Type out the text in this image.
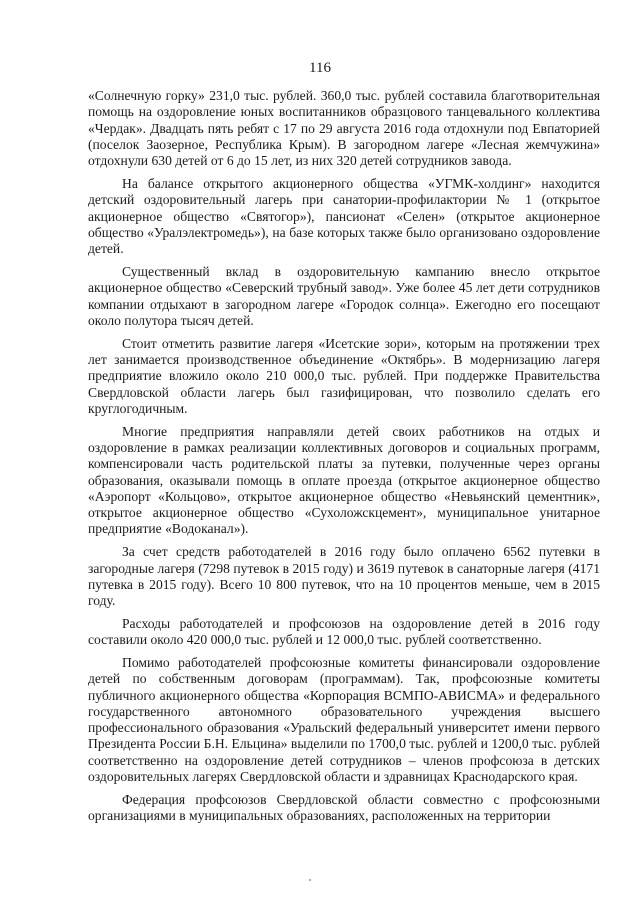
116

«Солнечную горку» 231,0 тыс. рублей. 360,0 тыс. рублей составила благотворительная помощь на оздоровление юных воспитанников образцового танцевального коллектива «Чердак». Двадцать пять ребят с 17 по 29 августа 2016 года отдохнули под Евпаторией (поселок Заозерное, Республика Крым). В загородном лагере «Лесная жемчужина» отдохнули 630 детей от 6 до 15 лет, из них 320 детей сотрудников завода.

На балансе открытого акционерного общества «УГМК-холдинг» находится детский оздоровительный лагерь при санатории-профилактории № 1 (открытое акционерное общество «Святогор»), пансионат «Селен» (открытое акционерное общество «Уралэлектромедь»), на базе которых также было организовано оздоровление детей.

Существенный вклад в оздоровительную кампанию внесло открытое акционерное общество «Северский трубный завод». Уже более 45 лет дети сотрудников компании отдыхают в загородном лагере «Городок солнца». Ежегодно его посещают около полутора тысяч детей.

Стоит отметить развитие лагеря «Исетские зори», которым на протяжении трех лет занимается производственное объединение «Октябрь». В модернизацию лагеря предприятие вложило около 210 000,0 тыс. рублей. При поддержке Правительства Свердловской области лагерь был газифицирован, что позволило сделать его круглогодичным.

Многие предприятия направляли детей своих работников на отдых и оздоровление в рамках реализации коллективных договоров и социальных программ, компенсировали часть родительской платы за путевки, полученные через органы образования, оказывали помощь в оплате проезда (открытое акционерное общество «Аэропорт «Кольцово», открытое акционерное общество «Невьянский цементник», открытое акционерное общество «Сухоложскцемент», муниципальное унитарное предприятие «Водоканал»).

За счет средств работодателей в 2016 году было оплачено 6562 путевки в загородные лагеря (7298 путевок в 2015 году) и 3619 путевок в санаторные лагеря (4171 путевка в 2015 году). Всего 10 800 путевок, что на 10 процентов меньше, чем в 2015 году.

Расходы работодателей и профсоюзов на оздоровление детей в 2016 году составили около 420 000,0 тыс. рублей и 12 000,0 тыс. рублей соответственно.

Помимо работодателей профсоюзные комитеты финансировали оздоровление детей по собственным договорам (программам). Так, профсоюзные комитеты публичного акционерного общества «Корпорация ВСМПО-АВИСМА» и федерального государственного автономного образовательного учреждения высшего профессионального образования «Уральский федеральный университет имени первого Президента России Б.Н. Ельцина» выделили по 1700,0 тыс. рублей и 1200,0 тыс. рублей соответственно на оздоровление детей сотрудников – членов профсоюза в детских оздоровительных лагерях Свердловской области и здравницах Краснодарского края.

Федерация профсоюзов Свердловской области совместно с профсоюзными организациями в муниципальных образованиях, расположенных на территории
